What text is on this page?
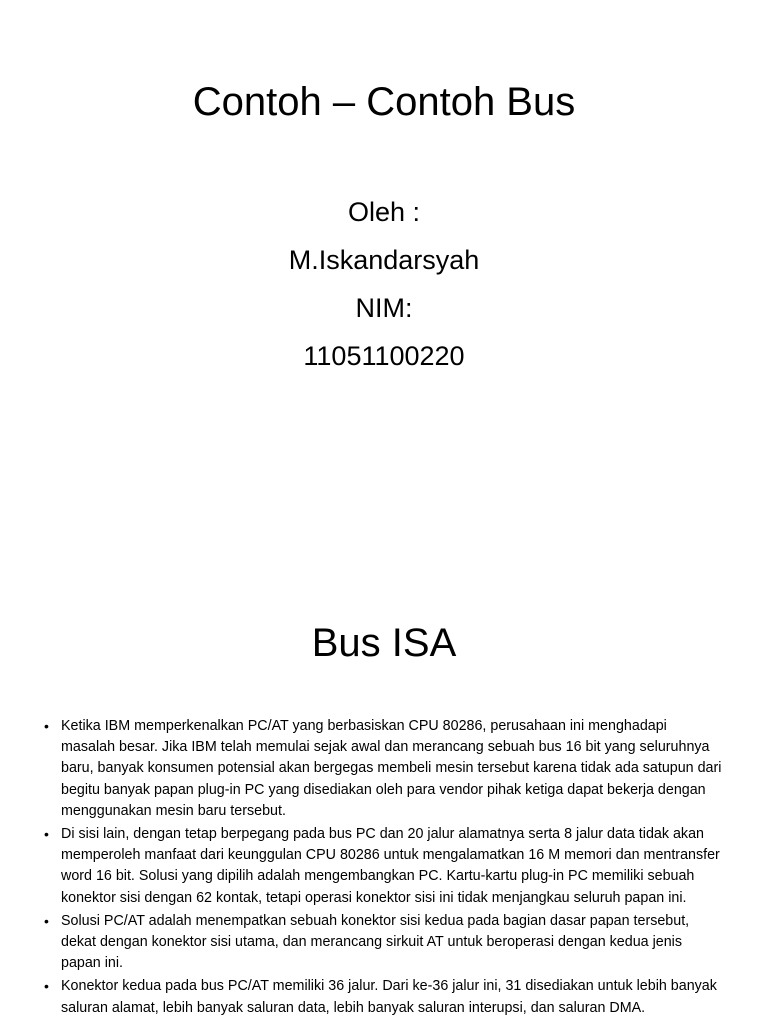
Contoh – Contoh Bus
Oleh :
M.Iskandarsyah
NIM:
11051100220
Bus ISA
• Ketika IBM memperkenalkan PC/AT yang berbasiskan CPU 80286, perusahaan ini menghadapi masalah besar. Jika IBM telah memulai sejak awal dan merancang sebuah bus 16 bit yang seluruhnya baru, banyak konsumen potensial akan bergegas membeli mesin tersebut karena tidak ada satupun dari begitu banyak papan plug-in PC yang disediakan oleh para vendor pihak ketiga dapat bekerja dengan menggunakan mesin baru tersebut.
• Di sisi lain, dengan tetap berpegang pada bus PC dan 20 jalur alamatnya serta 8 jalur data tidak akan memperoleh manfaat dari keunggulan CPU 80286 untuk mengalamatkan 16 M memori dan mentransfer word 16 bit. Solusi yang dipilih adalah mengembangkan PC. Kartu-kartu plug-in PC memiliki sebuah konektor sisi dengan 62 kontak, tetapi operasi konektor sisi ini tidak menjangkau seluruh papan ini.
• Solusi PC/AT adalah menempatkan sebuah konektor sisi kedua pada bagian dasar papan tersebut, dekat dengan konektor sisi utama, dan merancang sirkuit AT untuk beroperasi dengan kedua jenis papan ini.
• Konektor kedua pada bus PC/AT memiliki 36 jalur. Dari ke-36 jalur ini, 31 disediakan untuk lebih banyak saluran alamat, lebih banyak saluran data, lebih banyak saluran interupsi, dan saluran DMA.
